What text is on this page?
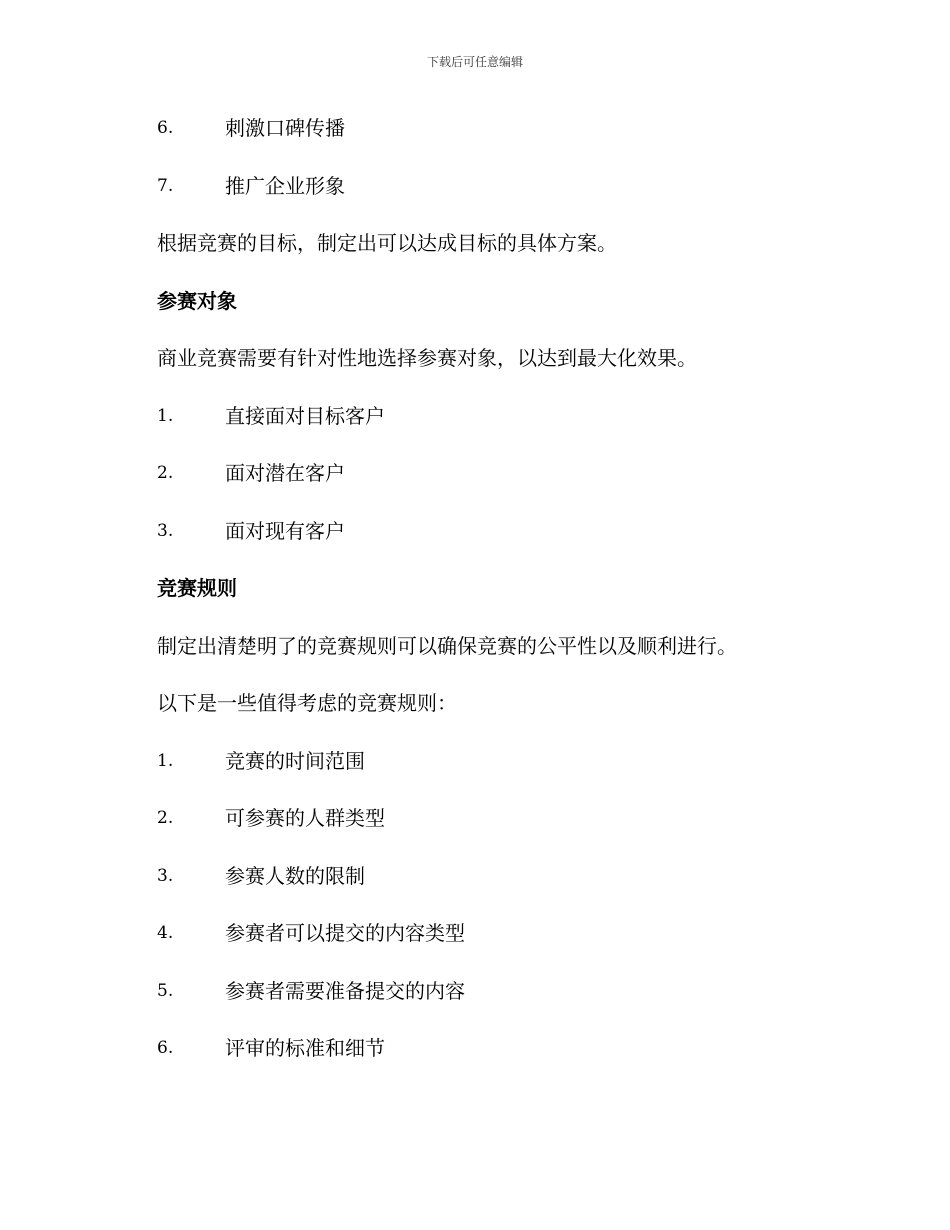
下载后可任意编辑
6.	刺激口碑传播
7.	推广企业形象
根据竞赛的目标，制定出可以达成目标的具体方案。
参赛对象
商业竞赛需要有针对性地选择参赛对象，以达到最大化效果。
1.	直接面对目标客户
2.	面对潜在客户
3.	面对现有客户
竞赛规则
制定出清楚明了的竞赛规则可以确保竞赛的公平性以及顺利进行。
以下是一些值得考虑的竞赛规则：
1.	竞赛的时间范围
2.	可参赛的人群类型
3.	参赛人数的限制
4.	参赛者可以提交的内容类型
5.	参赛者需要准备提交的内容
6.	评审的标准和细节
